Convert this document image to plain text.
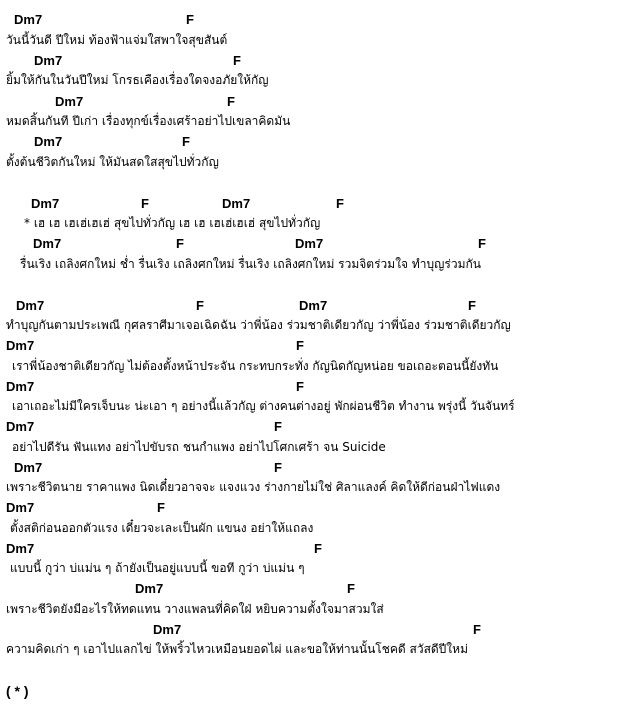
Dm7	F
วันนี้วันดี ปีใหม่ ท้องฟ้าแจ่มใสพาใจสุขสันต์
Dm7	F
ยิ้มให้กันในวันปีใหม่ โกรธเคืองเรื่องใดจงอภัยให้กัญ
Dm7	F
หมดสิ้นกันที ปีเก่า เรื่องทุกข์เรื่องเศร้าอย่าไปเขลาคิดมัน
Dm7	F
ตั้งต้นชีวิตกันใหม่ ให้มันสดใสสุขไปทั่วกัญ
Dm7	F	Dm7	F
* เฮ เฮ เฮเฮ่เฮเฮ่ สุขไปทั่วกัญ เฮ เฮ เฮเฮ่เฮเฮ่ สุขไปทั่วกัญ
Dm7	F	Dm7	F
รื่นเริง เถลิงศกใหม่ ช่ำ รื่นเริง เถลิงศกใหม่ รื่นเริง เถลิงศกใหม่ รวมจิตร่วมใจ ทำบุญร่วมกัน
Dm7	F	Dm7	F
ทำบุญกันตามประเพณี กุศลราศีมาเจอเฉิดฉัน ว่าพี่น้อง ร่วมชาติเดียวกัญ ว่าพี่น้อง ร่วมชาติเดียวกัญ
Dm7	F
เราพี่น้องชาติเดียวกัญ ไม่ต้องตั้งหน้าประจัน กระทบกระทั่ง กัญนิดกัญหน่อย ขอเถอะตอนนี้ยังทัน
Dm7	F
เอาเถอะไม่มีใครเจ็บนะ น่ะเอา ๆ อย่างนี้แล้วกัญ ต่างคนต่างอยู่ พักผ่อนชีวิต ทำงาน พรุ่งนี้ วันจันทร์
Dm7	F
อย่าไปดีรัน ฟันแทง อย่าไปขับรถ ชนกำแพง อย่าไปโศกเศร้า จน Suicide
Dm7	F
เพราะชีวิตนาย ราคาแพง นิดเดี๋ยวอาจจะ แจงแวง ร่างกายไม่ใช่ ศิลาแลงค์ คิดให้ดีก่อนฝ่าไฟแดง
Dm7	F
ตั้งสติก่อนออกตัวแรง เดี๋ยวจะเละเป็นผัก แขนง อย่าให้แถลง
Dm7	F
แบบนี้ กูว่า บ่แม่น ๆ ถ้ายังเป็นอยู่แบบนี้ ขอที กูว่า บ่แม่น ๆ
Dm7	F
เพราะชีวิตยังมีอะไรให้ทดแทน วางแพลนที่คิดใฝ่ หยิบความตั้งใจมาสวมใส่
Dm7	F
ความคิดเก่า ๆ เอาไปแลกไข่ ให้พริ้วไหวเหมือนยอดไผ่ และขอให้ท่านนั้นโชคดี สวัสดีปีใหม่
( * )
